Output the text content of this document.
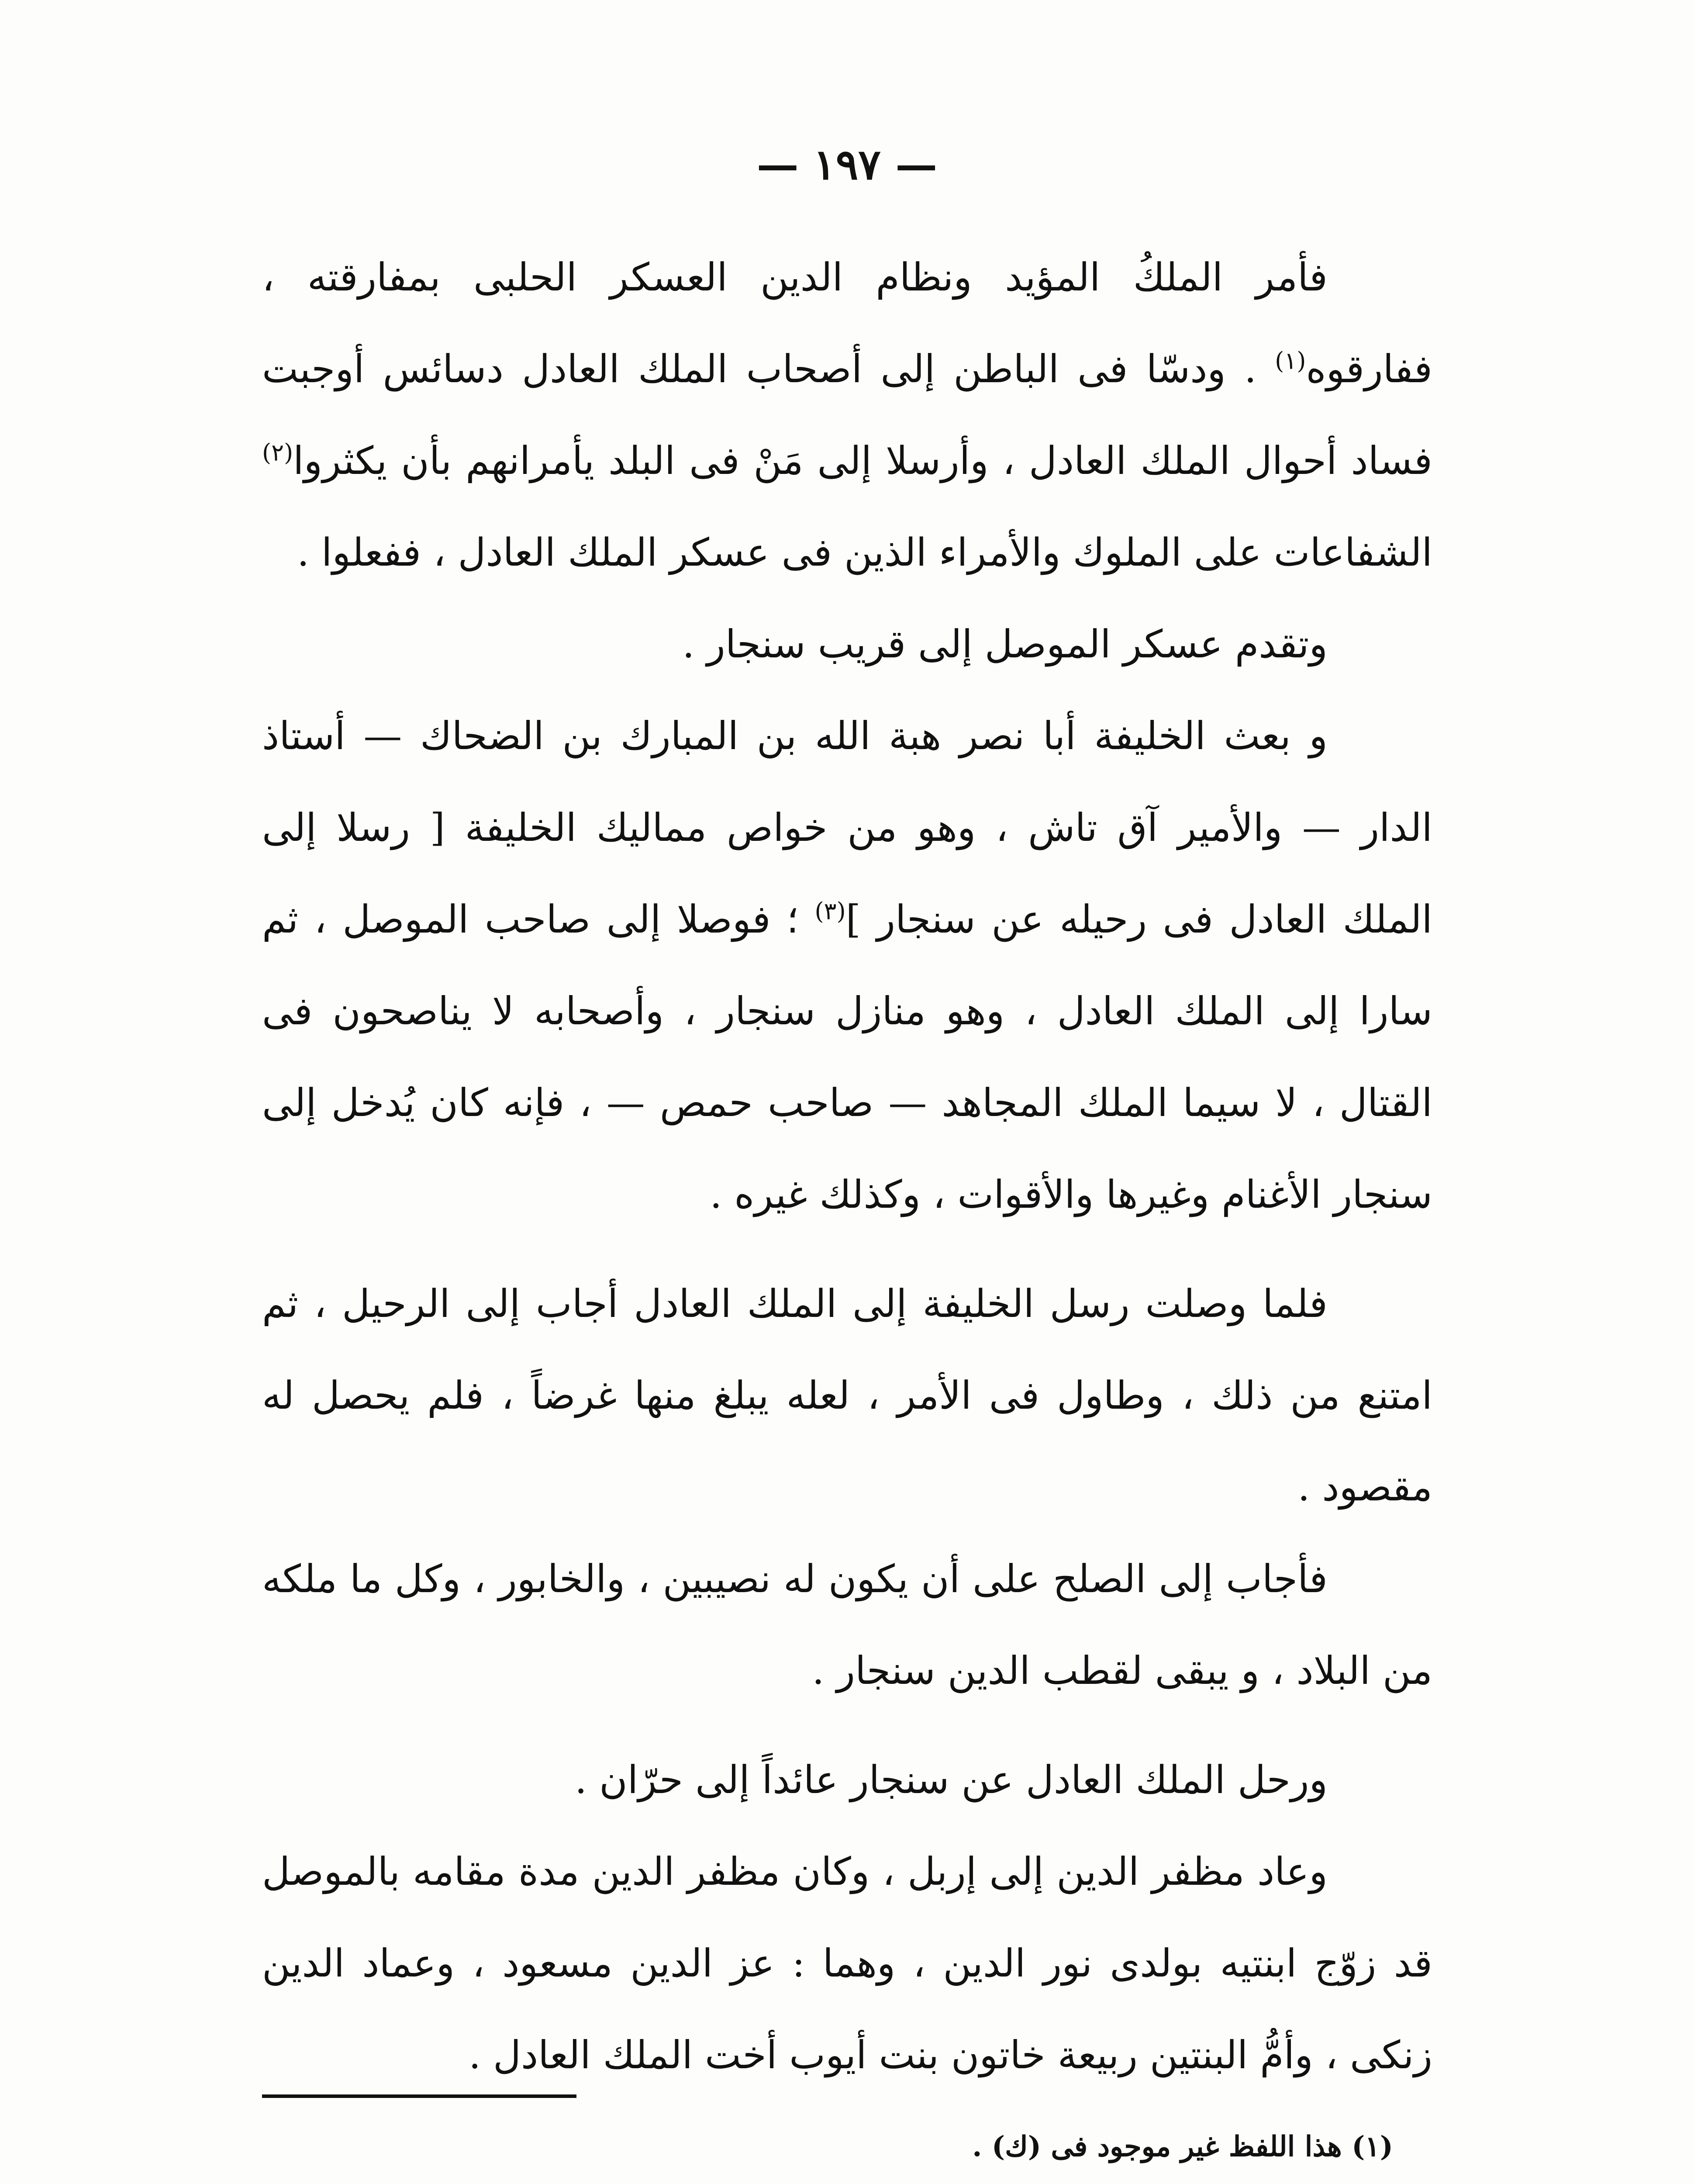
— ١٩٧ —

فأمر الملكُ المؤيد ونظام الدين العسكر الحلبى بمفارقته ، ففارقوه$^{(١)}$ . ودسّا فى الباطن إلى أصحاب الملك العادل دسائس أوجبت فساد أحوال الملك العادل ، وأرسلا إلى مَنْ فى البلد يأمرانهم بأن يكثروا$^{(٢)}$ الشفاعات على الملوك والأمراء الذين فى عسكر الملك العادل ، ففعلوا .

وتقدم عسكر الموصل إلى قريب سنجار .

و بعث الخليفة أبا نصر هبة الله بن المبارك بن الضحاك — أستاذ الدار — والأمير آق تاش ، وهو من خواص مماليك الخليفة [ رسلا إلى الملك العادل فى رحيله عن سنجار ]$^{(٣)}$ ؛ فوصلا إلى صاحب الموصل ، ثم سارا إلى الملك العادل ، وهو منازل سنجار ، وأصحابه لا يناصحون فى القتال ، لا سيما الملك المجاهد — صاحب حمص — ، فإنه كان يُدخل إلى سنجار الأغنام وغيرها والأقوات ، وكذلك غيره .

فلما وصلت رسل الخليفة إلى الملك العادل أجاب إلى الرحيل ، ثم امتنع من ذلك ، وطاول فى الأمر ، لعله يبلغ منها غرضاً ، فلم يحصل له مقصود .

فأجاب إلى الصلح على أن يكون له نصيبين ، والخابور ، وكل ما ملكه من البلاد ، و يبقى لقطب الدين سنجار .

ورحل الملك العادل عن سنجار عائداً إلى حرّان .

وعاد مظفر الدين إلى إربل ، وكان مظفر الدين مدة مقامه بالموصل قد زوّج ابنتيه بولدى نور الدين ، وهما : عز الدين مسعود ، وعماد الدين زنكى ، وأمُّ البنتين ربيعة خاتون بنت أيوب أخت الملك العادل .

(١) هذا اللفظ غير موجود فى (ك) .
